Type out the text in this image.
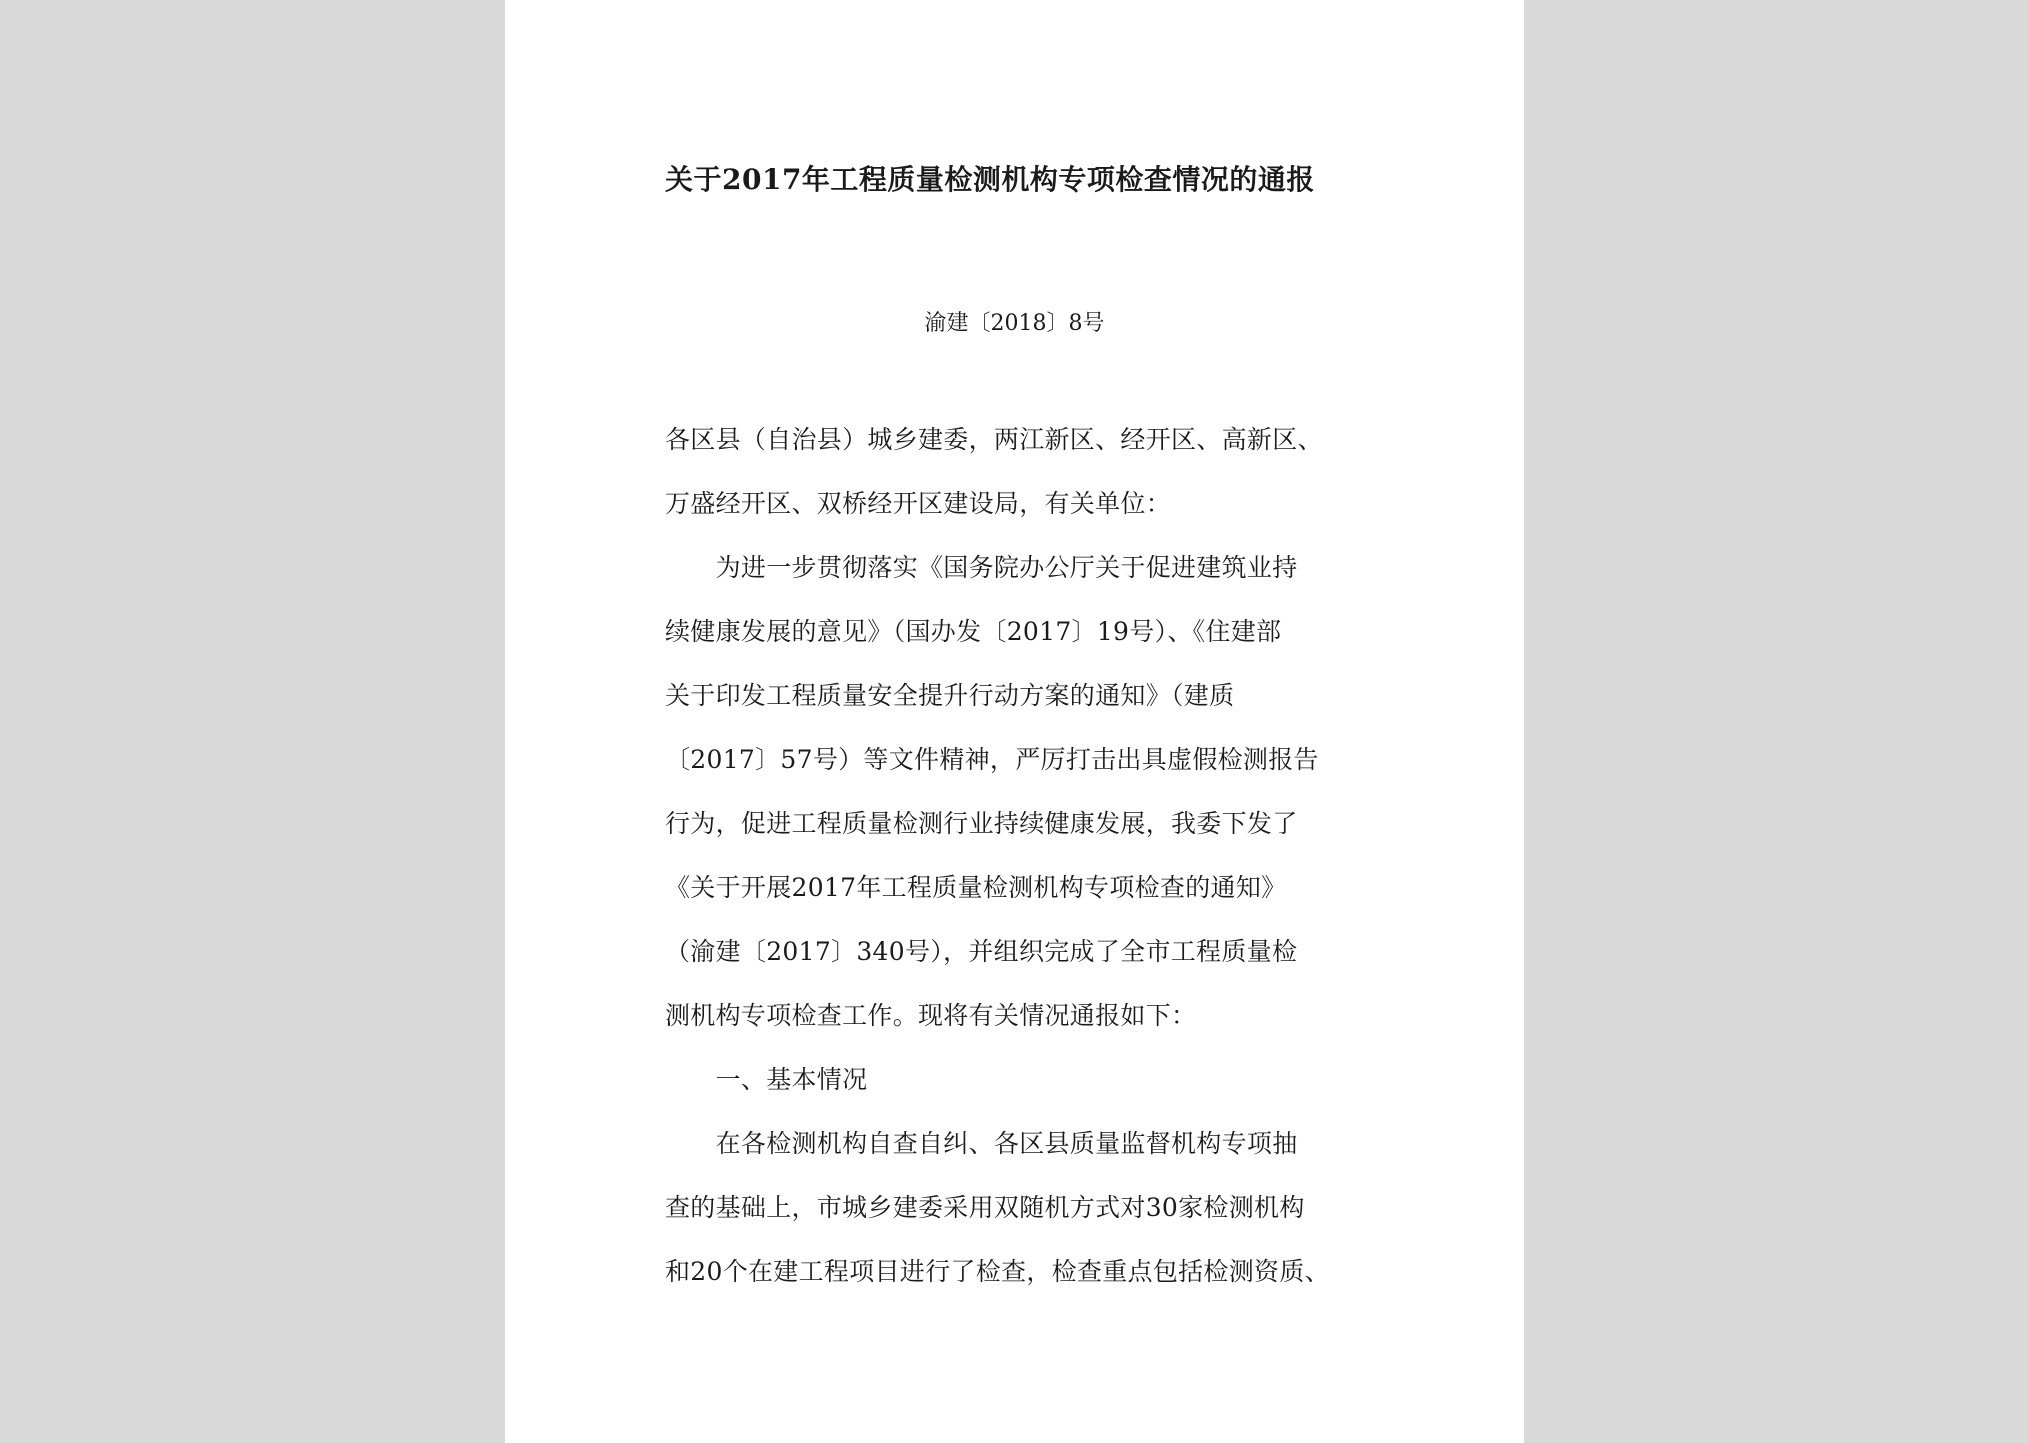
关于2017年工程质量检测机构专项检查情况的通报
渝建〔2018〕8号
各区县（自治县）城乡建委，两江新区、经开区、高新区、
万盛经开区、双桥经开区建设局，有关单位：
　　为进一步贯彻落实《国务院办公厅关于促进建筑业持
续健康发展的意见》（国办发〔2017〕19号）、《住建部
关于印发工程质量安全提升行动方案的通知》（建质
〔2017〕57号）等文件精神，严厉打击出具虚假检测报告
行为，促进工程质量检测行业持续健康发展，我委下发了
《关于开展2017年工程质量检测机构专项检查的通知》
（渝建〔2017〕340号），并组织完成了全市工程质量检
测机构专项检查工作。现将有关情况通报如下：
　　一、基本情况
　　在各检测机构自查自纠、各区县质量监督机构专项抽
查的基础上，市城乡建委采用双随机方式对30家检测机构
和20个在建工程项目进行了检查，检查重点包括检测资质、
